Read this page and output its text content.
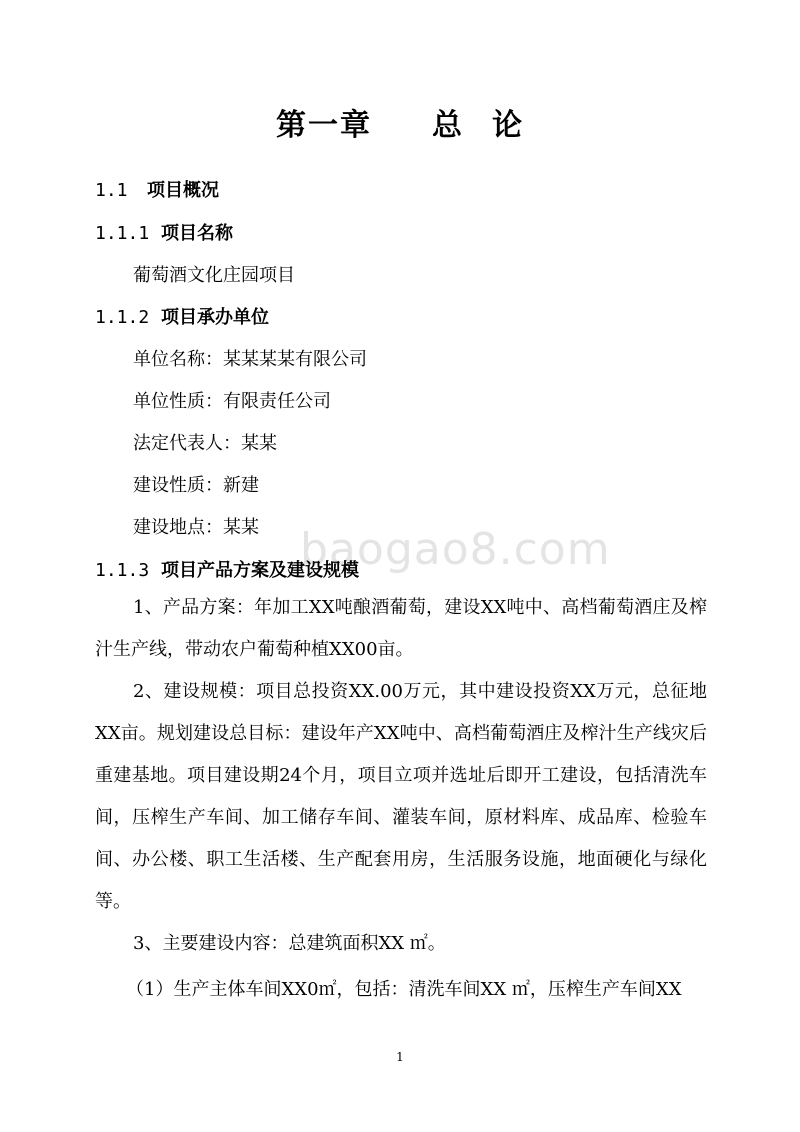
第一章 总 论
1.1 项目概况
1.1.1 项目名称

葡萄酒文化庄园项目

1.1.2 项目承办单位

单位名称：某某某某有限公司

单位性质：有限责任公司

法定代表人：某某

建设性质：新建

建设地点：某某 baogao8.com
1.1.3 项目产品方案及建设规模

1、产品方案：年加工XX吨酿酒葡萄，建设XX吨中、高档葡萄酒庄及榨汁生产线，带动农户葡萄种植XX00亩。

2、建设规模：项目总投资XX.00万元，其中建设投资XX万元，总征地XX亩。规划建设总目标：建设年产XX吨中、高档葡萄酒庄及榨汁生产线灾后重建基地。项目建设期24个月，项目立项并选址后即开工建设，包括清洗车间，压榨生产车间、加工储存车间、灌装车间，原材料库、成品库、检验车间、办公楼、职工生活楼、生产配套用房，生活服务设施，地面硬化与绿化等。

3、主要建设内容：总建筑面积XX ㎡。

（1）生产主体车间XX0㎡，包括：清洗车间XX ㎡，压榨生产车间XX

1
